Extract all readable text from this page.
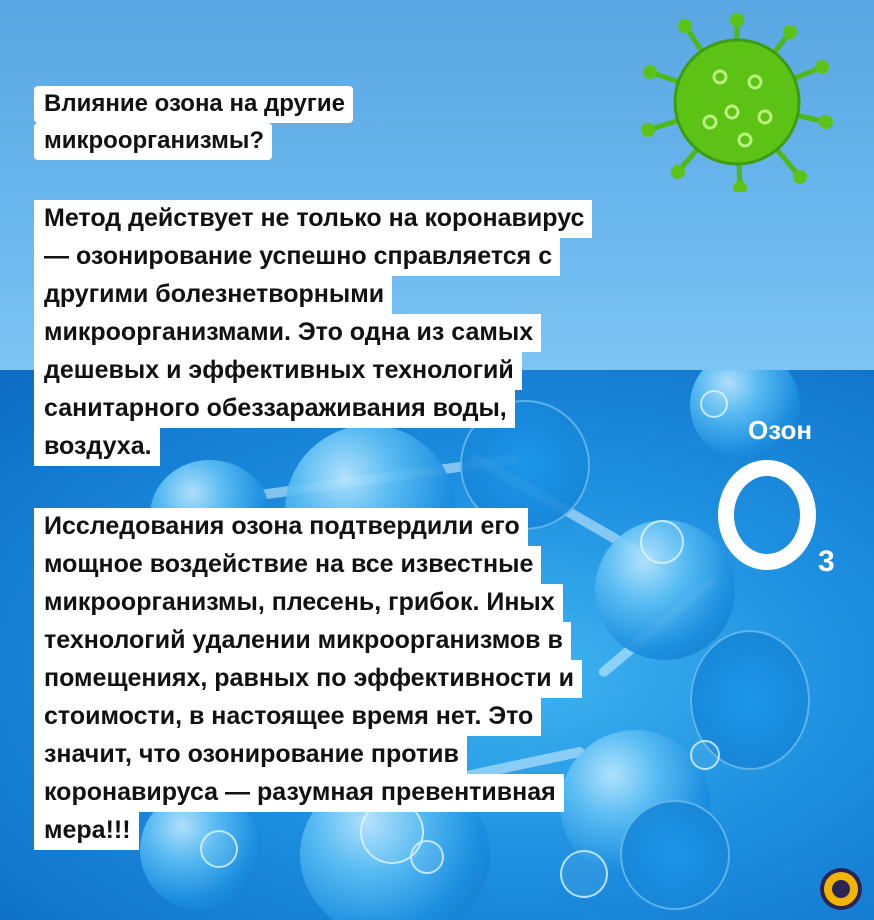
Озон
3
Влияние озона на другие
микроорганизмы?
Метод действует не только на коронавирус
— озонирование успешно справляется с
другими болезнетворными
микроорганизмами. Это одна из самых
дешевых и эффективных технологий
санитарного обеззараживания воды,
воздуха.
Исследования озона подтвердили его
мощное воздействие на все известные
микроорганизмы, плесень, грибок. Иных
технологий удалении микроорганизмов в
помещениях, равных по эффективности и
стоимости, в настоящее время нет. Это
значит, что озонирование против
коронавируса — разумная превентивная
мера!!!
